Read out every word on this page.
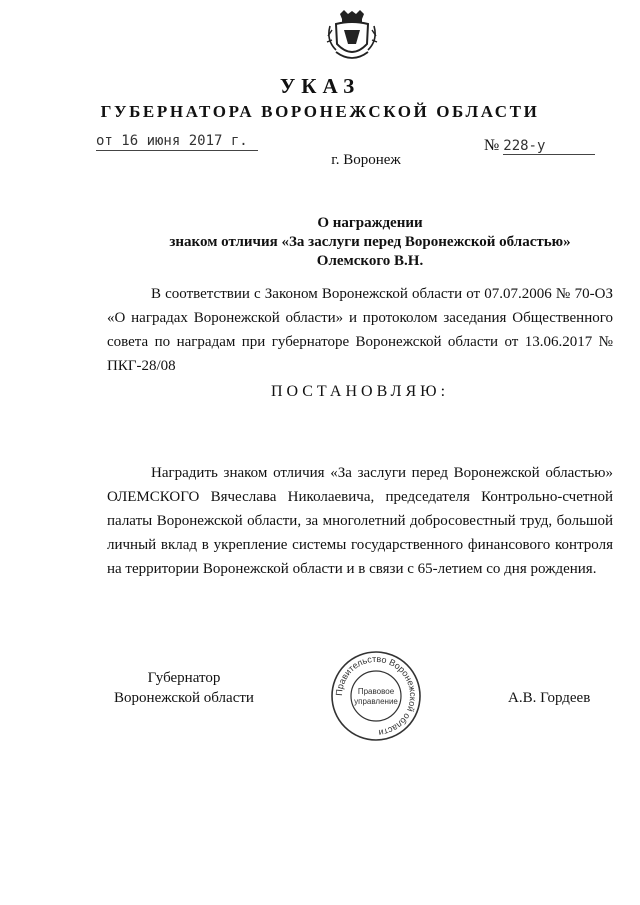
УКАЗ
ГУБЕРНАТОРА ВОРОНЕЖСКОЙ ОБЛАСТИ
от 16 июня 2017 г.	№ 228-у
г. Воронеж
О награждении
знаком отличия «За заслуги перед Воронежской областью»
Олемского В.Н.
В соответствии с Законом Воронежской области от 07.07.2006 № 70-ОЗ «О наградах Воронежской области» и протоколом заседания Общественного совета по наградам при губернаторе Воронежской области от 13.06.2017 № ПКГ-28/08
ПОСТАНОВЛЯЮ:
Наградить знаком отличия «За заслуги перед Воронежской областью» ОЛЕМСКОГО Вячеслава Николаевича, председателя Контрольно-счетной палаты Воронежской области, за многолетний добросовестный труд, большой личный вклад в укрепление системы государственного финансового контроля на территории Воронежской области и в связи с 65-летием со дня рождения.
Губернатор
Воронежской области	Правительство Воронежской области
Правовое
управление	А.В. Гордеев
